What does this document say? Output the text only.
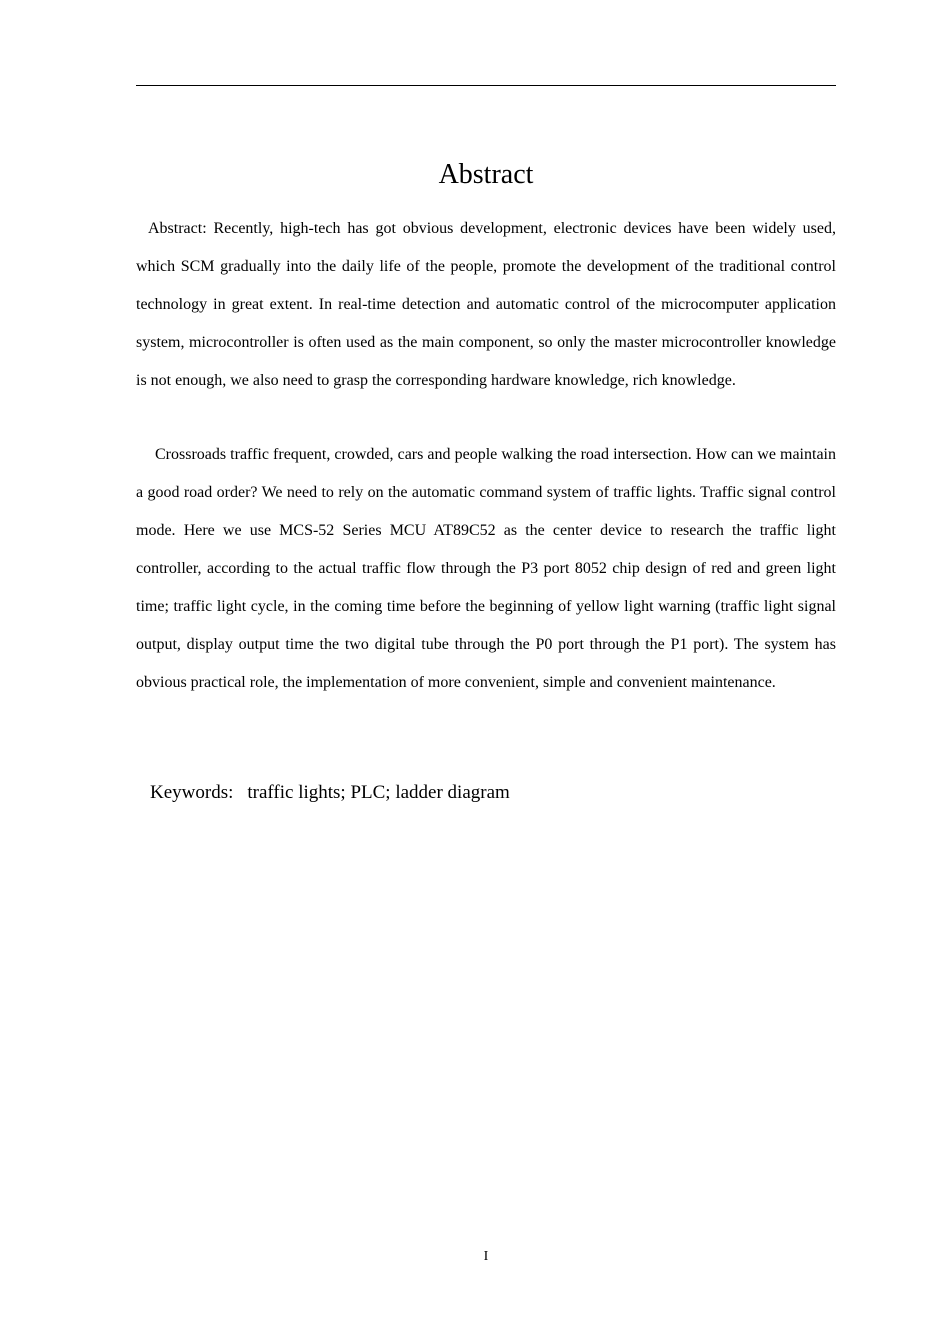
Abstract

Abstract: Recently, high-tech has got obvious development, electronic devices have been widely used, which SCM gradually into the daily life of the people, promote the development of the traditional control technology in great extent. In real-time detection and automatic control of the microcomputer application system, microcontroller is often used as the main component, so only the master microcontroller knowledge is not enough, we also need to grasp the corresponding hardware knowledge, rich knowledge.

Crossroads traffic frequent, crowded, cars and people walking the road intersection. How can we maintain a good road order? We need to rely on the automatic command system of traffic lights. Traffic signal control mode. Here we use MCS-52 Series MCU AT89C52 as the center device to research the traffic light controller, according to the actual traffic flow through the P3 port 8052 chip design of red and green light time; traffic light cycle, in the coming time before the beginning of yellow light warning (traffic light signal output, display output time the two digital tube through the P0 port through the P1 port). The system has obvious practical role, the implementation of more convenient, simple and convenient maintenance.

Keywords: traffic lights; PLC; ladder diagram
I
